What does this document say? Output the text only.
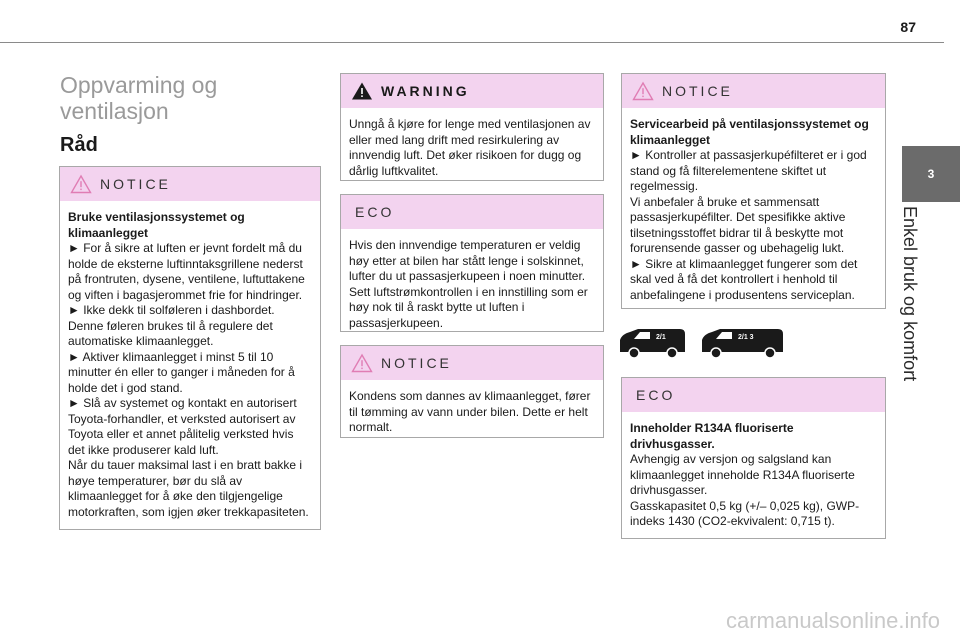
87
3
Enkel bruk og komfort
Oppvarming og ventilasjon
Råd
NOTICE

Bruke ventilasjonssystemet og klimaanlegget

► For å sikre at luften er jevnt fordelt må du holde de eksterne luftinntaksgrillene nederst på frontruten, dysene, ventilene, luftuttakene og viften i bagasjerommet frie for hindringer.

► Ikke dekk til solføleren i dashbordet. Denne føleren brukes til å regulere det automatiske klimaanlegget.

► Aktiver klimaanlegget i minst 5 til 10 minutter én eller to ganger i måneden for å holde det i god stand.

► Slå av systemet og kontakt en autorisert Toyota-forhandler, et verksted autorisert av Toyota eller et annet pålitelig verksted hvis det ikke produserer kald luft.

Når du tauer maksimal last i en bratt bakke i høye temperaturer, bør du slå av klimaanlegget for å øke den tilgjengelige motorkraften, som igjen øker trekkapasiteten.

WARNING

Unngå å kjøre for lenge med ventilasjonen av eller med lang drift med resirkulering av innvendig luft. Det øker risikoen for dugg og dårlig luftkvalitet.

ECO

Hvis den innvendige temperaturen er veldig høy etter at bilen har stått lenge i solskinnet, lufter du ut passasjerkupeen i noen minutter. Sett luftstrømkontrollen i en innstilling som er høy nok til å raskt bytte ut luften i passasjerkupeen.

NOTICE

Kondens som dannes av klimaanlegget, fører til tømming av vann under bilen. Dette er helt normalt.

NOTICE

Servicearbeid på ventilasjonssystemet og klimaanlegget

► Kontroller at passasjerkupéfilteret er i god stand og få filterelementene skiftet ut regelmessig.

Vi anbefaler å bruke et sammensatt passasjerkupéfilter. Det spesifikke aktive tilsetningsstoffet bidrar til å beskytte mot forurensende gasser og ubehagelig lukt.

► Sikre at klimaanlegget fungerer som det skal ved å få det kontrollert i henhold til anbefalingene i produsentens serviceplan.

2/1	2/1 3
ECO

Inneholder R134A fluoriserte drivhusgasser.

Avhengig av versjon og salgsland kan klimaanlegget inneholde R134A fluoriserte drivhusgasser.

Gasskapasitet 0,5 kg (+/– 0,025 kg), GWP-indeks 1430 (CO2-ekvivalent: 0,715 t).

carmanualsonline.info
